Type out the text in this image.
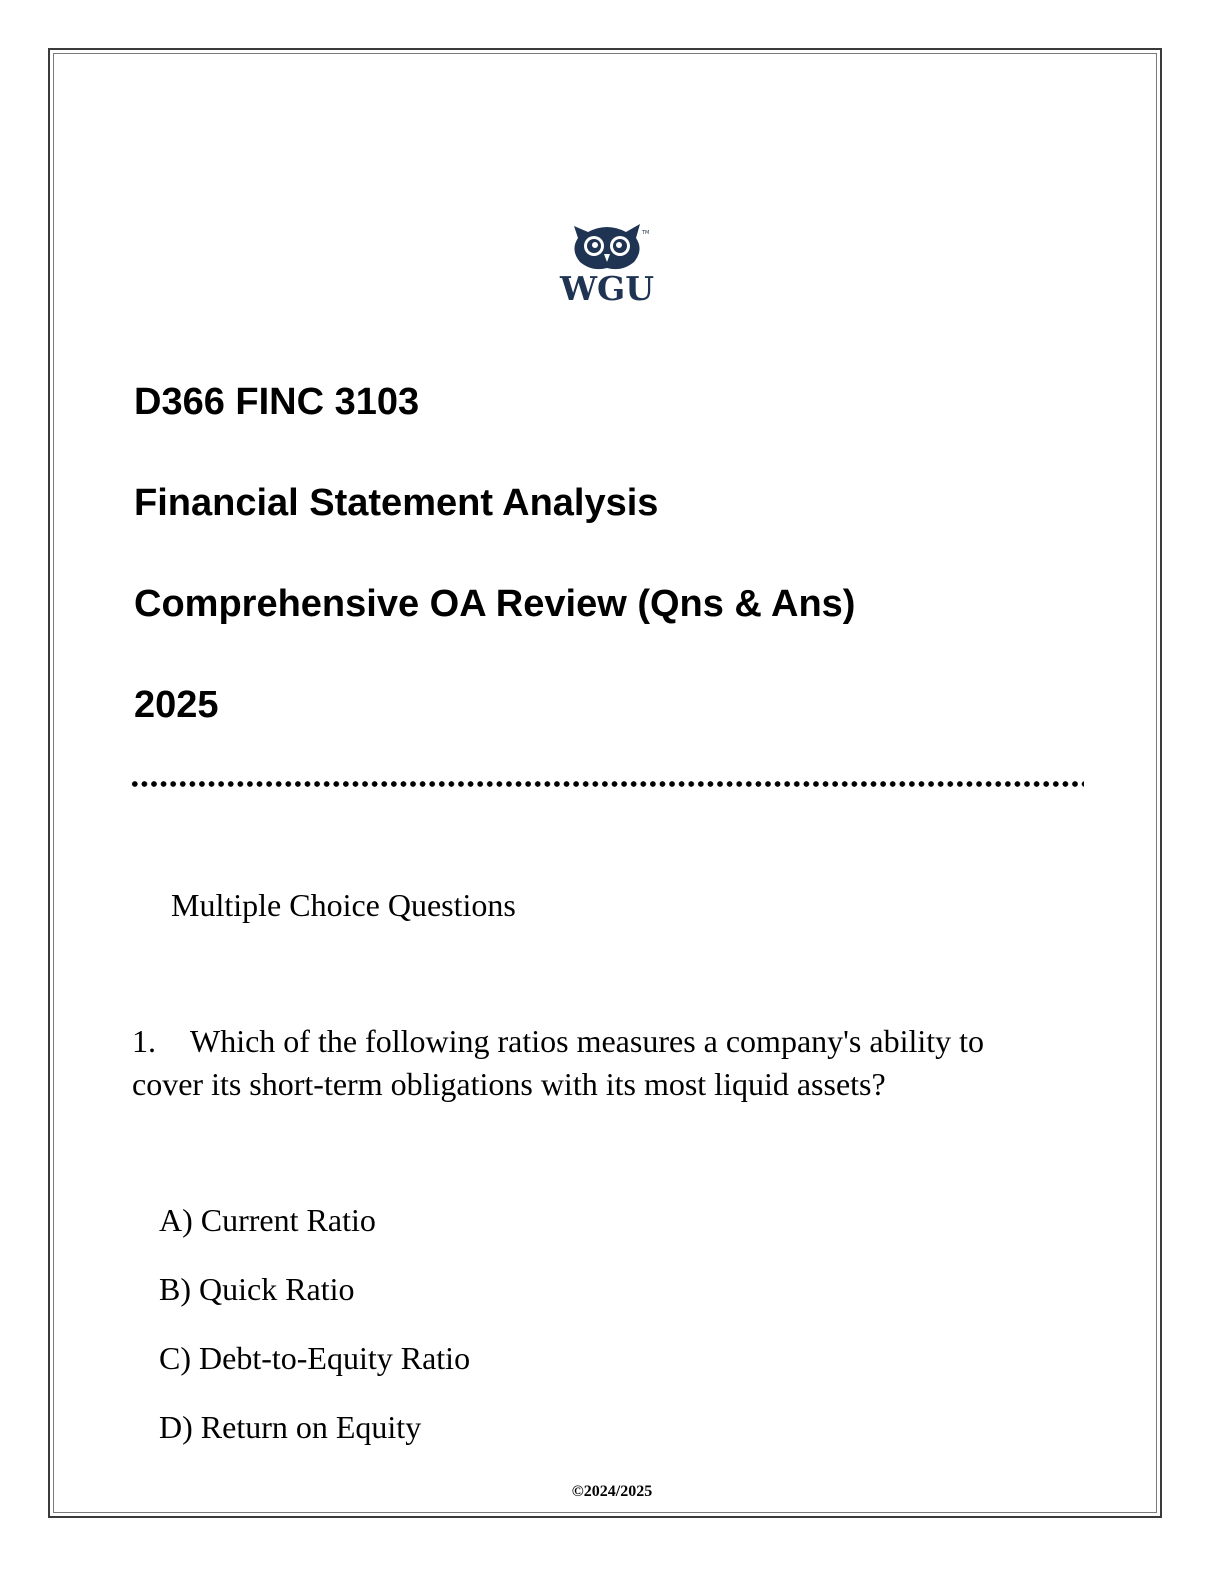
TM
WGU
D366 FINC 3103
Financial Statement Analysis
Comprehensive OA Review (Qns & Ans)
2025
Multiple Choice Questions
1. Which of the following ratios measures a company's ability to
cover its short-term obligations with its most liquid assets?
A) Current Ratio
B) Quick Ratio
C) Debt-to-Equity Ratio
D) Return on Equity
©2024/2025
